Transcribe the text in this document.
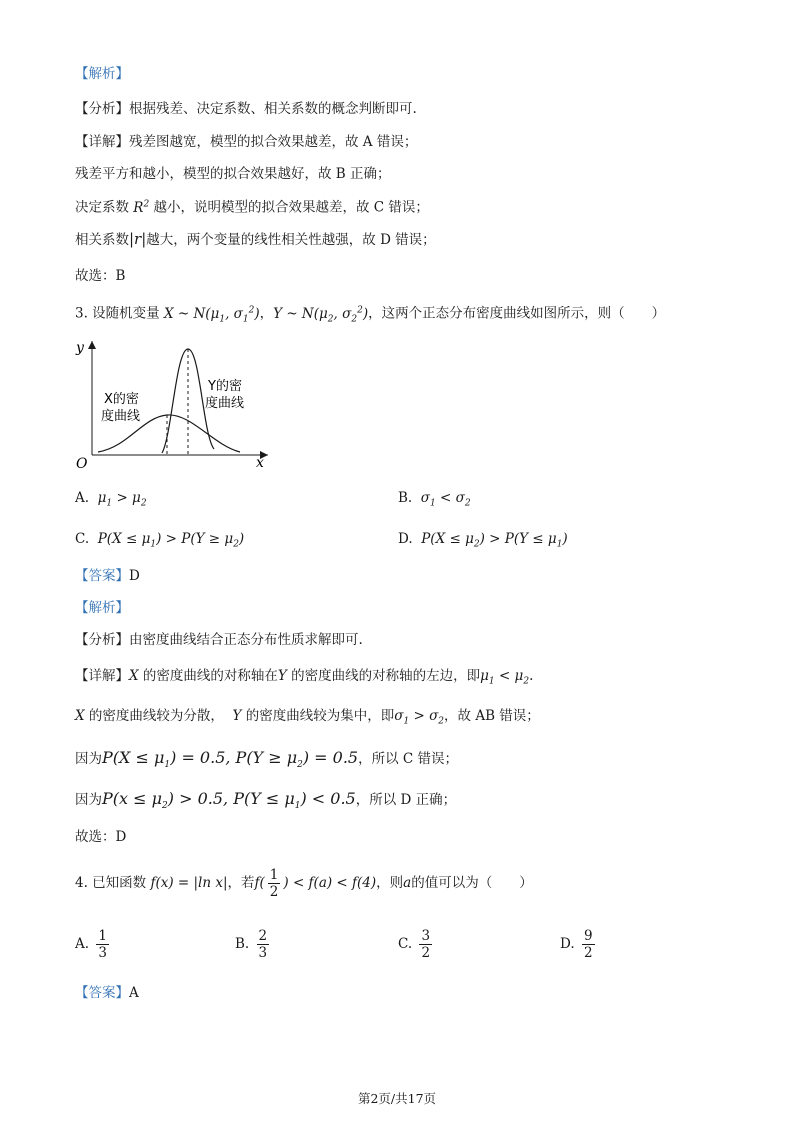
【解析】
【分析】根据残差、决定系数、相关系数的概念判断即可.
【详解】残差图越宽，模型的拟合效果越差，故 A 错误；
残差平方和越小，模型的拟合效果越好，故 B 正确；
决定系数 $R^2$ 越小，说明模型的拟合效果越差，故 C 错误；
相关系数|r|越大，两个变量的线性相关性越强，故 D 错误；
故选：B
3. 设随机变量 X ~ $N(\mu_1$, $\sigma_1^2$)，Y ~ $N(\mu_2$, $\sigma_2^2$)，这两个正态分布密度曲线如图所示，则（　　）
y
x
O
X的密
度曲线
Y的密
度曲线
A.  $\mu_1 > \mu_2$	B.  $\sigma_1 < \sigma_2$
C.  $P(X \le \mu_1) > P(Y \ge \mu_2)$	D.  $P(X \le \mu_2) > P(Y \le \mu_1)$
【答案】D
【解析】
【分析】由密度曲线结合正态分布性质求解即可.
【详解】X 的密度曲线的对称轴在Y 的密度曲线的对称轴的左边，即$\mu_1 < \mu_2$.
X 的密度曲线较为分散， Y 的密度曲线较为集中，即$\sigma_1 > \sigma_2$，故 AB 错误；
因为$P(X \le \mu_1) = 0.5$, $P(Y \ge \mu_2) = 0.5$，所以 C 错误；
因为$P(x \le \mu_2) > 0.5$, $P(Y \le \mu_1) < 0.5$，所以 D 正确；
故选：D
4. 已知函数 f(x) = |ln x|，若$f( \frac{1}{2}$ ) < f(a) < f(4)，则a的值可以为（　　）
A. $\frac{1}{3}$	B. $\frac{2}{3}$	C. $\frac{3}{2}$	D. $\frac{9}{2}$
【答案】A
第2页/共17页
